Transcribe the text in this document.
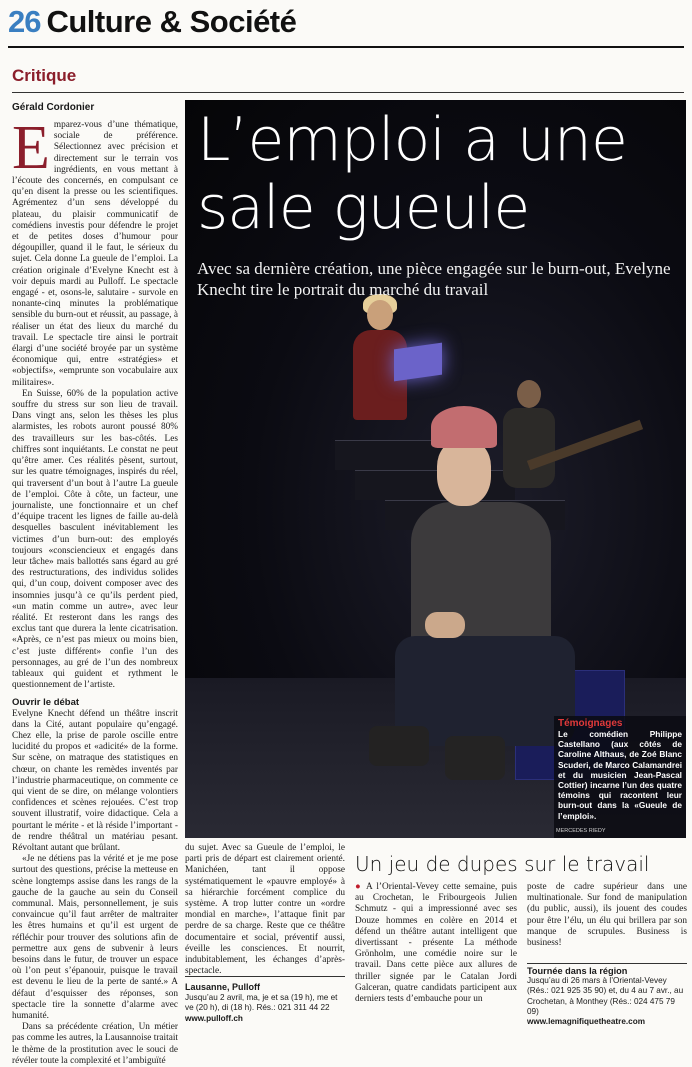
26 Culture & Société
Critique
Gérald Cordonier

Emparez-vous d’une thématique, sociale de préférence. Sélectionnez avec précision et directement sur le terrain vos ingrédients, en vous mettant à l’écoute des concernés, en compulsant ce qu’en disent la presse ou les scientifiques. Agrémentez d’un sens développé du plateau, du plaisir communicatif de comédiens investis pour défendre le projet et de petites doses d’humour pour dégoupiller, quand il le faut, le sérieux du sujet. Cela donne La gueule de l’emploi. La création originale d’Evelyne Knecht est à voir depuis mardi au Pulloff. Le spectacle engagé - et, osons-le, salutaire - survole en nonante-cinq minutes la problématique sensible du burn-out et réussit, au passage, à réaliser un état des lieux du marché du travail. Le spectacle tire ainsi le portrait élargi d’une société broyée par un système économique qui, entre «stratégies» et «objectifs», «emprunte son vocabulaire aux militaires».

En Suisse, 60% de la population active souffre du stress sur son lieu de travail. Dans vingt ans, selon les thèses les plus alarmistes, les robots auront poussé 80% des travailleurs sur les bas-côtés. Les chiffres sont inquiétants. Le constat ne peut qu’être amer. Ces réalités pèsent, surtout, sur les quatre témoignages, inspirés du réel, qui traversent d’un bout à l’autre La gueule de l’emploi. Côte à côte, un facteur, une journaliste, une fonctionnaire et un chef d’équipe tracent les lignes de faille au-delà desquelles basculent inévitablement les victimes d’un burn-out: des employés toujours «consciencieux et engagés dans leur tâche» mais ballottés sans égard au gré des restructurations, des individus solides qui, d’un coup, doivent composer avec des insomnies jusqu’à ce qu’ils perdent pied, «un matin comme un autre», avec leur réalité. Et resteront dans les rangs des exclus tant que durera la lente cicatrisation. «Après, ce n’est pas mieux ou moins bien, c’est juste différent» confie l’un des personnages, au gré de l’un des nombreux tableaux qui guident et rythment le questionnement de l’artiste.

Ouvrir le débat

Evelyne Knecht défend un théâtre inscrit dans la Cité, autant populaire qu’engagé. Chez elle, la prise de parole oscille entre lucidité du propos et «adicité» de la forme. Sur scène, on matraque des statistiques en chœur, on chante les remèdes inventés par l’industrie pharmaceutique, on commente ce qui vient de se dire, on mélange volontiers confidences et scènes rejouées. C’est trop souvent illustratif, voire didactique. Cela a pourtant le mérite - et là réside l’important - de rendre théâtral un matériau pesant. Révoltant autant que brûlant.

«Je ne détiens pas la vérité et je me pose surtout des questions, précise la metteuse en scène longtemps assise dans les rangs de la gauche de la gauche au sein du Conseil communal. Mais, personnellement, je suis convaincue qu’il faut arrêter de maltraiter les êtres humains et qu’il est urgent de réfléchir pour trouver des solutions afin de permettre aux gens de subvenir à leurs besoins dans le futur, de trouver un espace où l’on peut s’épanouir, puisque le travail est devenu le lieu de la perte de santé.» A défaut d’esquisser des réponses, son spectacle tire la sonnette d’alarme avec humanité.

Dans sa précédente création, Un métier pas comme les autres, la Lausannoise traitait le thème de la prostitution avec le souci de révéler toute la complexité et l’ambiguïté

L’emploi a une sale gueule
Avec sa dernière création, une pièce engagée sur le burn-out, Evelyne Knecht tire le portrait du marché du travail
Témoignages
Le comédien Philippe Castellano (aux côtés de Caroline Althaus, de Zoé Blanc Scuderi, de Marco Calamandrei et du musicien Jean-Pascal Cottier) incarne l’un des quatre témoins qui racontent leur burn-out dans la «Gueule de l’emploi».
MERCEDES RIEDY

du sujet. Avec sa Gueule de l’emploi, le parti pris de départ est clairement orienté. Manichéen, tant il oppose systématiquement le «pauvre employé» à sa hiérarchie forcément complice du système. A trop lutter contre un «ordre mondial en marche», l’attaque finit par perdre de sa charge. Reste que ce théâtre documentaire et social, préventif aussi, éveille les consciences. Et nourrit, indubitablement, les échanges d’après-spectacle.

Lausanne, Pulloff
Jusqu’au 2 avril, ma, je et sa (19 h), me et ve (20 h), di (18 h). Rés.: 021 311 44 22
www.pulloff.ch
Un jeu de dupes sur le travail
● A l’Oriental-Vevey cette semaine, puis au Crochetan, le Fribourgeois Julien Schmutz - qui a impressionné avec ses Douze hommes en colère en 2014 et défend un théâtre autant intelligent que divertissant - présente La méthode Grönholm, une comédie noire sur le travail. Dans cette pièce aux allures de thriller signée par le Catalan Jordi Galceran, quatre candidats participent aux derniers tests d’embauche pour un
poste de cadre supérieur dans une multinationale. Sur fond de manipulation (du public, aussi), ils jouent des coudes pour être l’élu, un élu qui brillera par son manque de scrupules. Business is business!
Tournée dans la région
Jusqu’au di 26 mars à l’Oriental-Vevey (Rés.: 021 925 35 90) et, du 4 au 7 avr., au Crochetan, à Monthey (Rés.: 024 475 79 09)
www.lemagnifiquetheatre.com
